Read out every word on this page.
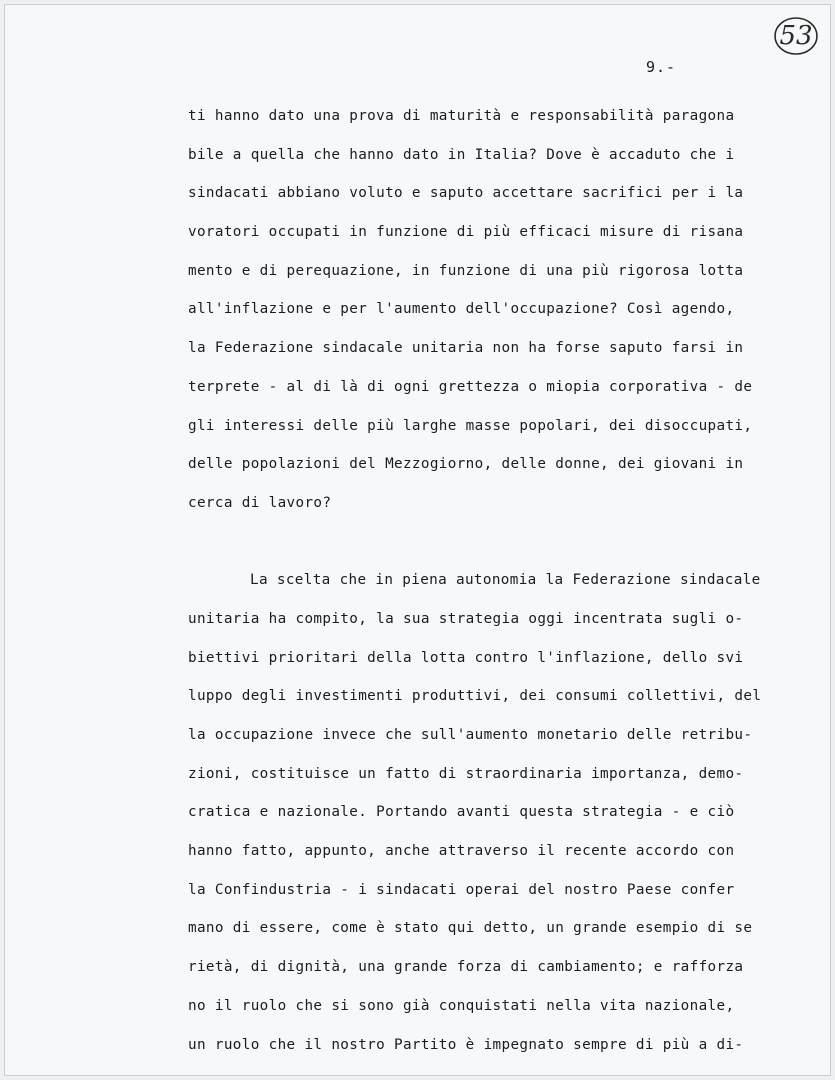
53
9.-
ti hanno dato una prova di maturità e responsabilità paragona
bile a quella che hanno dato in Italia? Dove è accaduto che i
sindacati abbiano voluto e saputo accettare sacrifici per i la
voratori occupati in funzione di più efficaci misure di risana
mento e di perequazione, in funzione di una più rigorosa lotta
all'inflazione e per l'aumento dell'occupazione? Così agendo,
la Federazione sindacale unitaria non ha forse saputo farsi in
terprete - al di là di ogni grettezza o miopia corporativa - de
gli interessi delle più larghe masse popolari, dei disoccupati,
delle popolazioni del Mezzogiorno, delle donne, dei giovani in
cerca di lavoro?
La scelta che in piena autonomia la Federazione sindacale
unitaria ha compito, la sua strategia oggi incentrata sugli o-
biettivi prioritari della lotta contro l'inflazione, dello svi
luppo degli investimenti produttivi, dei consumi collettivi, del
la occupazione invece che sull'aumento monetario delle retribu-
zioni, costituisce un fatto di straordinaria importanza, demo-
cratica e nazionale. Portando avanti questa strategia - e ciò
hanno fatto, appunto, anche attraverso il recente accordo con
la Confindustria - i sindacati operai del nostro Paese confer
mano di essere, come è stato qui detto, un grande esempio di se
rietà, di dignità, una grande forza di cambiamento; e rafforza
no il ruolo che si sono già conquistati nella vita nazionale,
un ruolo che il nostro Partito è impegnato sempre di più a di-
